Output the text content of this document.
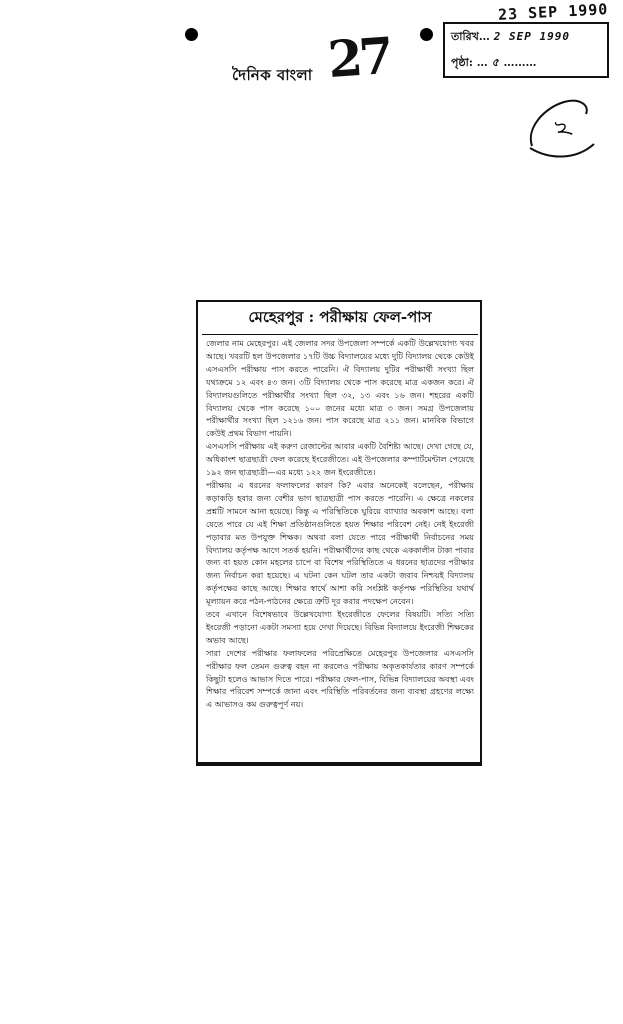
দৈনিক বাংলা 27
23 SEP 1990
তারিখ… 2 SEP 1990
পৃষ্ঠা: … ৫ ………
২
মেহেরপুর : পরীক্ষায় ফেল-পাস

জেলার নাম মেহেরপুর। এই জেলার সদর উপজেলা সম্পর্কে একটি উল্লেখযোগ্য খবর আছে। খবরটি হল উপজেলার ১৭টি উচ্চ বিদ্যালয়ের মধ্যে দুটি বিদ্যালয় থেকে কেউই এসএসসি পরীক্ষায় পাস করতে পারেনি। ঐ বিদ্যালয় দুটির পরীক্ষার্থী সংখ্যা ছিল যথাক্রমে ১২ এবং ৪৩ জন। ৩টি বিদ্যালয় থেকে পাস করেছে মাত্র একজন করে। ঐ বিদ্যালয়গুলিতে পরীক্ষার্থীর সংখ্যা ছিল ৩২, ১৩ এবং ১৬ জন। শহরের একটি বিদ্যালয় থেকে পাস করেছে ১০০ জনের মধ্যে মাত্র ৩ জন। সমগ্র উপজেলায় পরীক্ষার্থীর সংখ্যা ছিল ১২১৬ জন। পাস করেছে মাত্র ২১১ জন। মানবিক বিভাগে কেউই প্রথম বিভাগ পায়নি।

এসএসসি পরীক্ষায় এই করুণ রেজাল্টের আবার একটি বৈশিষ্ট্য আছে। দেখা গেছে যে, অধিকাংশ ছাত্রছাত্রী ফেল করেছে ইংরেজীতে। এই উপজেলার কম্পার্টমেন্টাল পেয়েছে ১৯২ জন ছাত্রছাত্রী—এর মধ্যে ১২২ জন ইংরেজীতে।

পরীক্ষায় এ ধরনের ফলাফলের কারণ কি? এবার অনেকেই বলেছেন, পরীক্ষায় কড়াকড়ি হবার জন্য বেশীর ভাগ ছাত্রছাত্রী পাস করতে পারেনি। এ ক্ষেত্রে নকলের প্রশ্নটি সামনে আনা হয়েছে। কিন্তু এ পরিস্থিতিকে ঘুরিয়ে ব্যাখ্যার অবকাশ আছে। বলা যেতে পারে যে এই শিক্ষা প্রতিষ্ঠানগুলিতে হয়ত শিক্ষার পরিবেশ নেই। নেই ইংরেজী পড়াবার মত উপযুক্ত শিক্ষক। অথবা বলা যেতে পারে পরীক্ষার্থী নির্বাচনের সময় বিদ্যালয় কর্তৃপক্ষ আগে সতর্ক হয়নি। পরীক্ষার্থীদের কাছ থেকে এককালীন টাকা পাবার জন্য বা হয়ত কোন মহলের চাপে বা বিশেষ পরিস্থিতিতে এ ধরনের ছাত্রদের পরীক্ষার জন্য নির্বাচন করা হয়েছে। এ ঘটনা কেন ঘটল তার একটা জবাব নিশ্চয়ই বিদ্যালয় কর্তৃপক্ষের কাছে আছে। শিক্ষার স্বার্থে আশা করি সংশ্লিষ্ট কর্তৃপক্ষ পরিস্থিতির যথার্থ মূল্যায়ন করে পঠন-পাঠনের ক্ষেত্রে ত্রুটি দূর করার পদক্ষেপ নেবেন।

তবে এখানে বিশেষভাবে উল্লেখযোগ্য ইংরেজীতে ফেলের বিষয়টি। সত্যি সত্যি ইংরেজী পড়ানো একটা সমস্যা হয়ে দেখা দিয়েছে। বিভিন্ন বিদ্যালয়ে ইংরেজী শিক্ষকের অভাব আছে।

সারা দেশের পরীক্ষার ফলাফলের পরিপ্রেক্ষিতে মেহেরপুর উপজেলার এসএসসি পরীক্ষার ফল তেমন গুরুত্ব বহন না করলেও পরীক্ষায় অকৃতকার্যতার কারণ সম্পর্কে কিছুটা হলেও আভাস দিতে পারে। পরীক্ষার ফেল-পাস, বিভিন্ন বিদ্যালয়ের অবস্থা এবং শিক্ষার পরিবেশ সম্পর্কে জানা এবং পরিস্থিতি পরিবর্তনের জন্য ব্যবস্থা গ্রহণের লক্ষ্যে এ আভাসও কম গুরুত্বপূর্ণ নয়।
